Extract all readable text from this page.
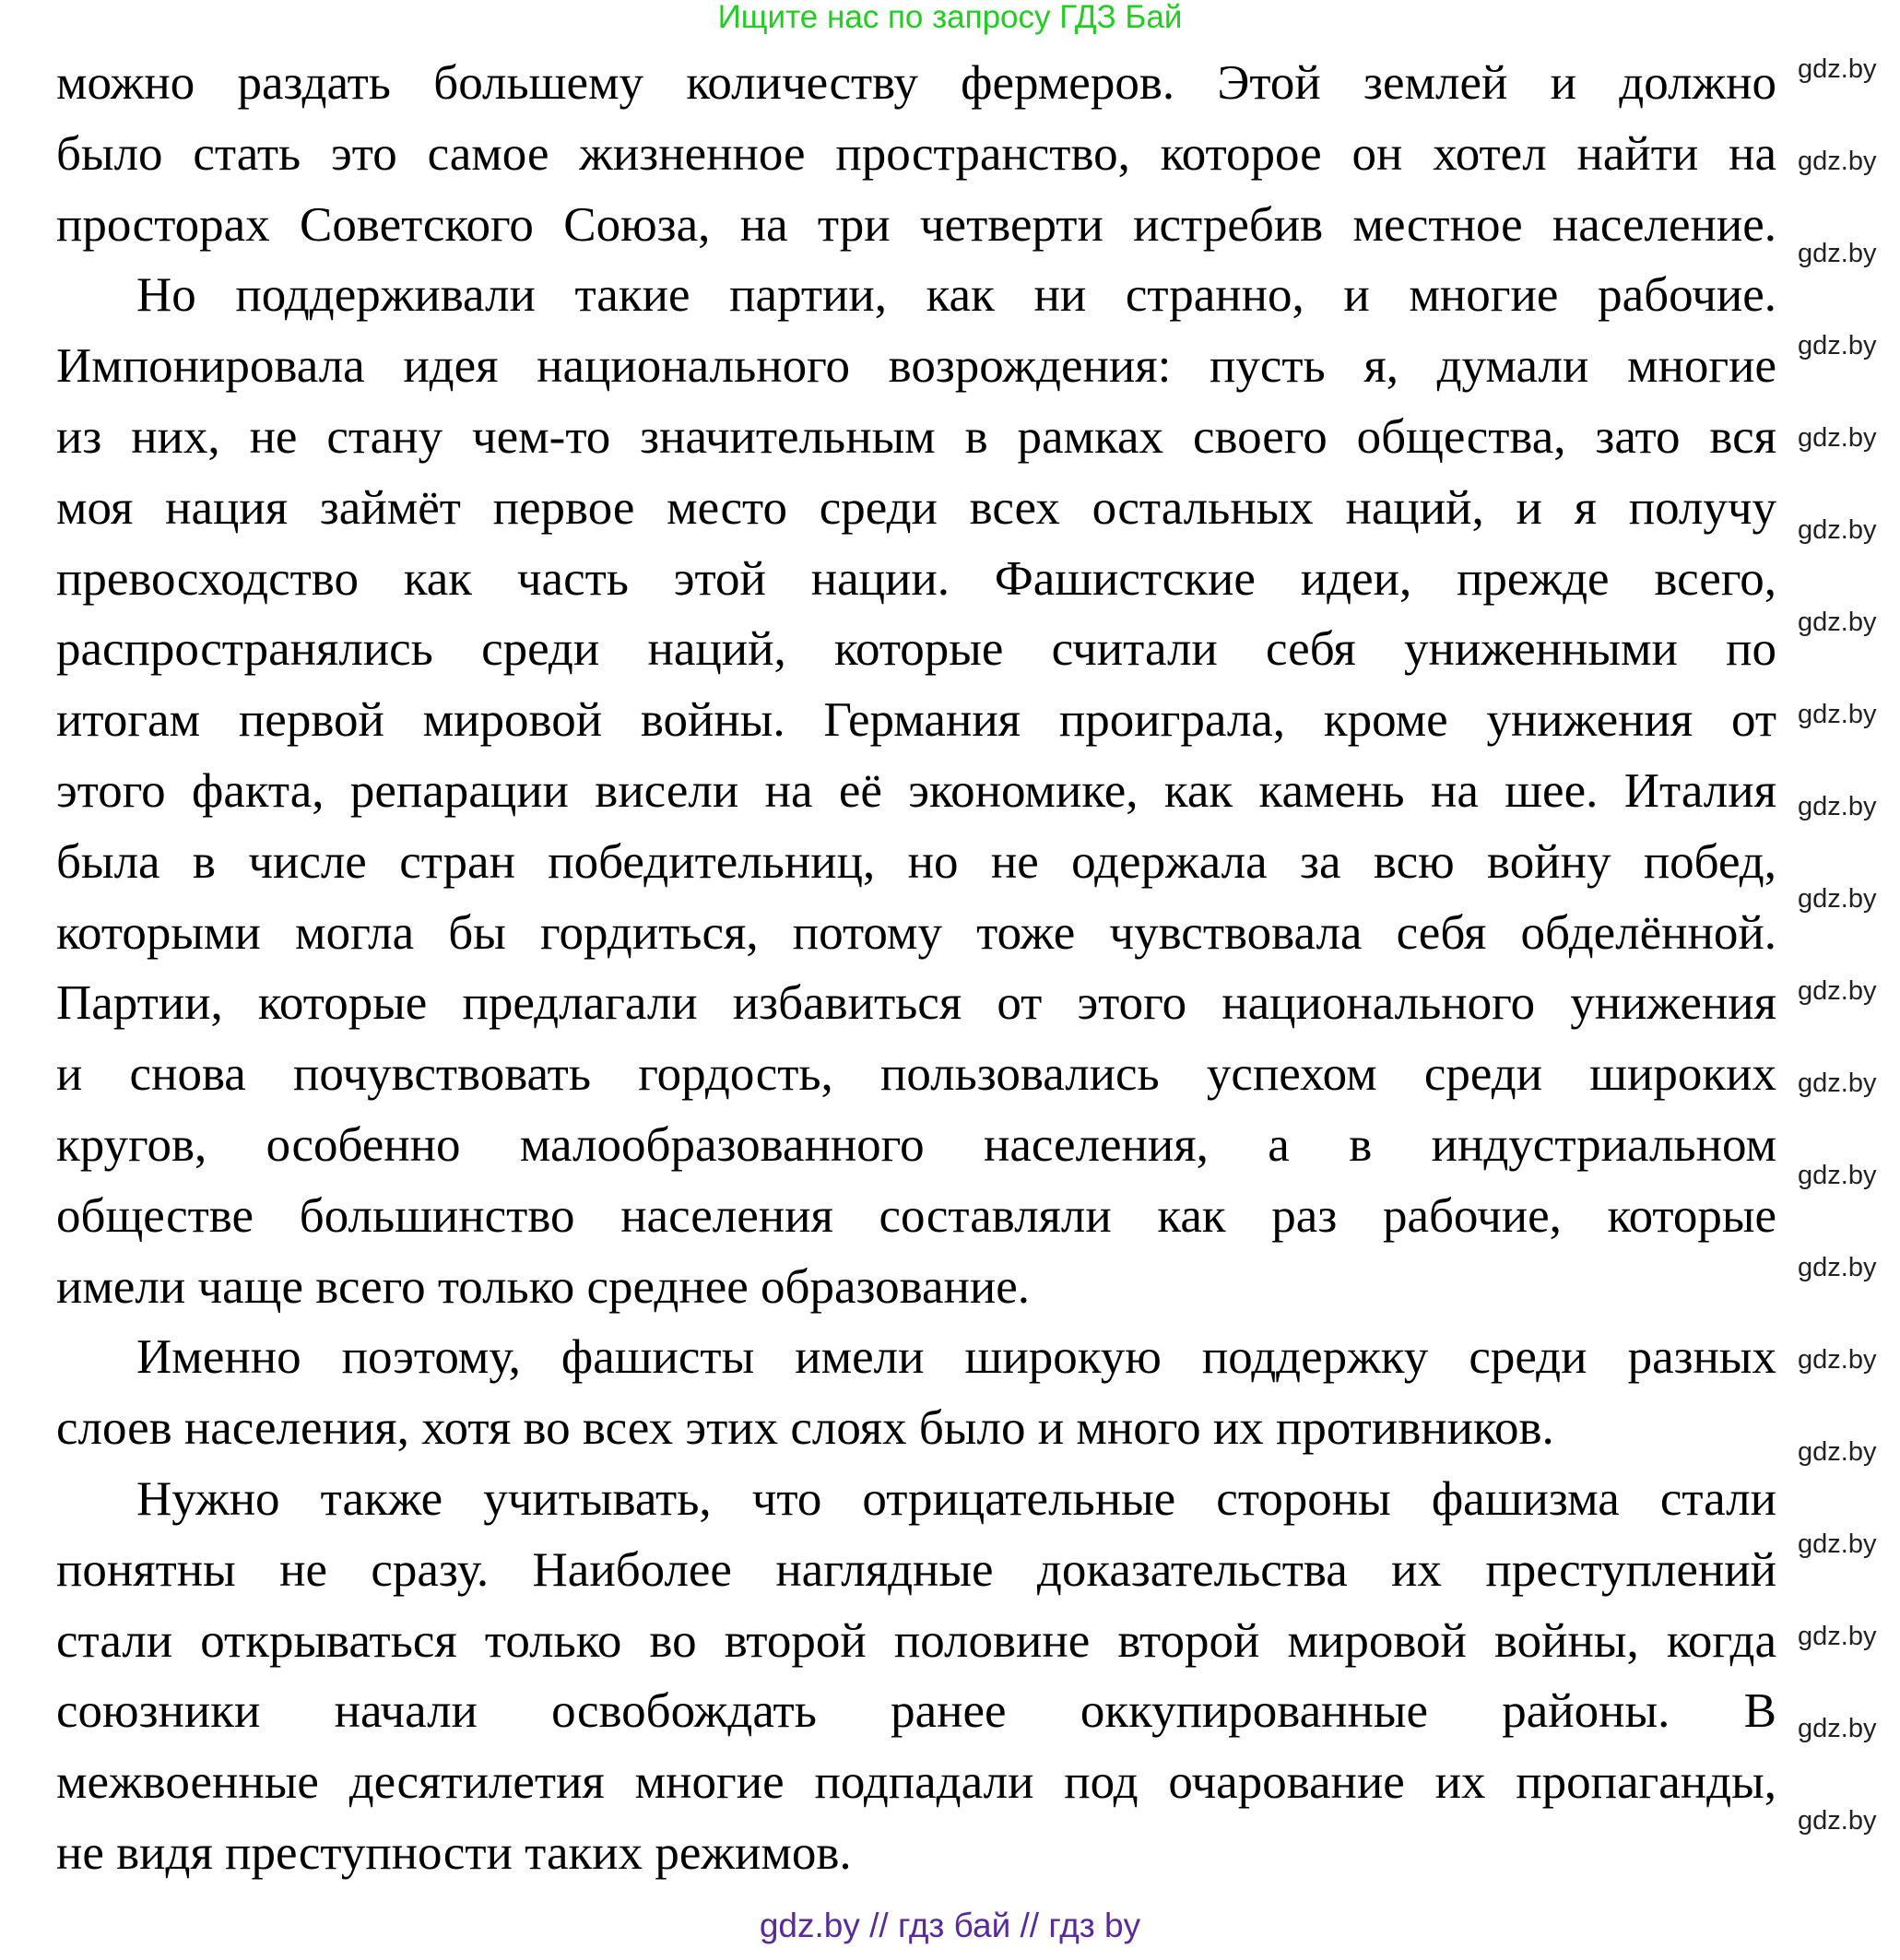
Ищите нас по запросу ГДЗ Бай
можно раздать большему количеству фермеров. Этой землей и должно
было стать это самое жизненное пространство, которое он хотел найти на
просторах Советского Союза, на три четверти истребив местное население.
Но поддерживали такие партии, как ни странно, и многие рабочие.
Импонировала идея национального возрождения: пусть я, думали многие
из них, не стану чем-то значительным в рамках своего общества, зато вся
моя нация займёт первое место среди всех остальных наций, и я получу
превосходство как часть этой нации. Фашистские идеи, прежде всего,
распространялись среди наций, которые считали себя униженными по
итогам первой мировой войны. Германия проиграла, кроме унижения от
этого факта, репарации висели на её экономике, как камень на шее. Италия
была в числе стран победительниц, но не одержала за всю войну побед,
которыми могла бы гордиться, потому тоже чувствовала себя обделённой.
Партии, которые предлагали избавиться от этого национального унижения
и снова почувствовать гордость, пользовались успехом среди широких
кругов, особенно малообразованного населения, а в индустриальном
обществе большинство населения составляли как раз рабочие, которые
имели чаще всего только среднее образование.
Именно поэтому, фашисты имели широкую поддержку среди разных
слоев населения, хотя во всех этих слоях было и много их противников.
Нужно также учитывать, что отрицательные стороны фашизма стали
понятны не сразу. Наиболее наглядные доказательства их преступлений
стали открываться только во второй половине второй мировой войны, когда
союзники начали освобождать ранее оккупированные районы. В
межвоенные десятилетия многие подпадали под очарование их пропаганды,
не видя преступности таких режимов.
gdz.by
gdz.by
gdz.by
gdz.by
gdz.by
gdz.by
gdz.by
gdz.by
gdz.by
gdz.by
gdz.by
gdz.by
gdz.by
gdz.by
gdz.by
gdz.by
gdz.by
gdz.by
gdz.by
gdz.by
gdz.by // гдз бай // гдз by
